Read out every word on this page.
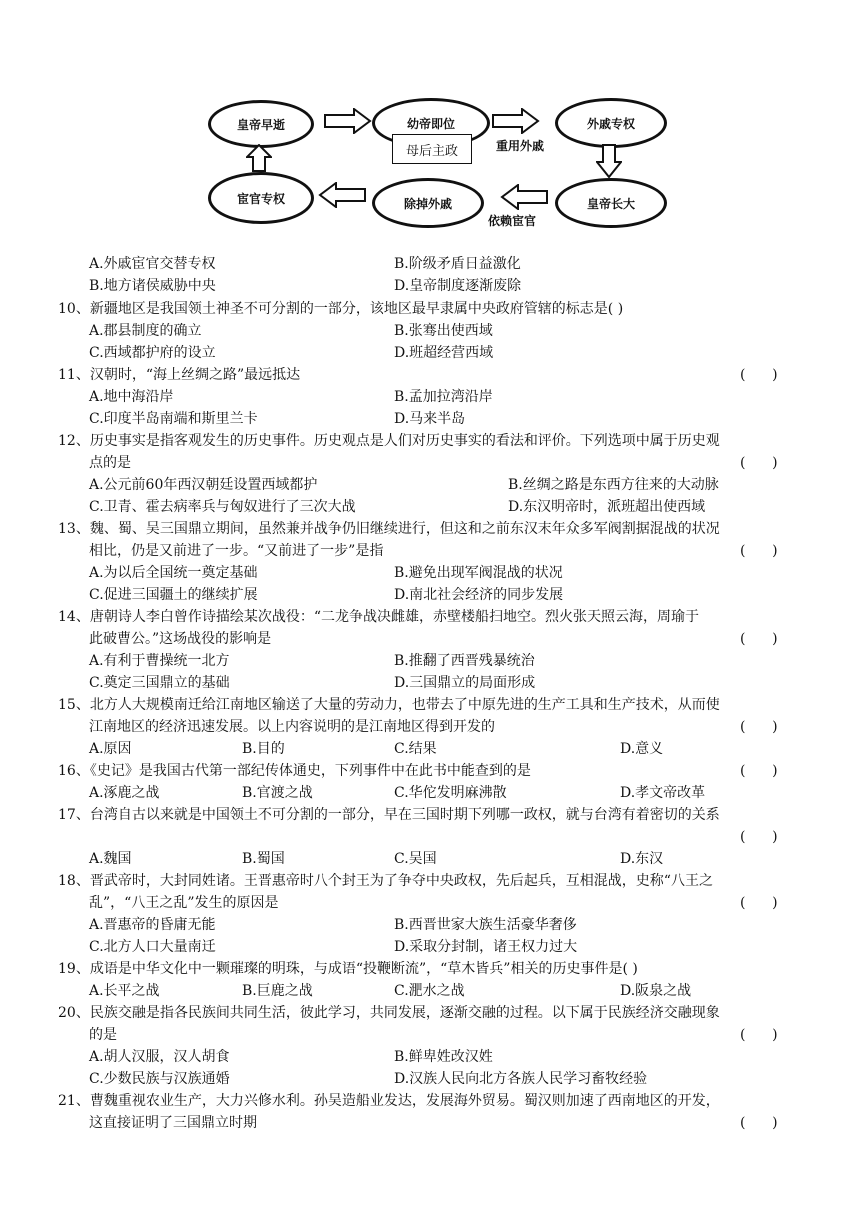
皇帝早逝	幼帝即位
母后主政
外戚专权
皇帝长大
除掉外戚
宦官专权
重用外戚
依赖宦官
A.外戚宦官交替专权	B.阶级矛盾日益激化
B.地方诸侯威胁中央	D.皇帝制度逐渐废除
10、新疆地区是我国领土神圣不可分割的一部分，该地区最早隶属中央政府管辖的标志是( )
A.郡县制度的确立	B.张骞出使西域
C.西域都护府的设立	D.班超经营西域
11、汉朝时，“海上丝绸之路”最远抵达	(      )
A.地中海沿岸	B.孟加拉湾沿岸
C.印度半岛南端和斯里兰卡	D.马来半岛
12、历史事实是指客观发生的历史事件。历史观点是人们对历史事实的看法和评价。下列选项中属于历史观
点的是	(      )
A.公元前60年西汉朝廷设置西域都护	B.丝绸之路是东西方往来的大动脉
C.卫青、霍去病率兵与匈奴进行了三次大战	D.东汉明帝时，派班超出使西域
13、魏、蜀、吴三国鼎立期间，虽然兼并战争仍旧继续进行，但这和之前东汉末年众多军阀割据混战的状况
相比，仍是又前进了一步。“又前进了一步”是指	(      )
A.为以后全国统一奠定基础	B.避免出现军阀混战的状况
C.促进三国疆土的继续扩展	D.南北社会经济的同步发展
14、唐朝诗人李白曾作诗描绘某次战役：“二龙争战决雌雄，赤壁楼船扫地空。烈火张天照云海，周瑜于
此破曹公。”这场战役的影响是	(      )
A.有利于曹操统一北方	B.推翻了西晋残暴统治
C.奠定三国鼎立的基础	D.三国鼎立的局面形成
15、北方人大规模南迁给江南地区输送了大量的劳动力，也带去了中原先进的生产工具和生产技术，从而使
江南地区的经济迅速发展。以上内容说明的是江南地区得到开发的	(      )
A.原因	B.目的	C.结果	D.意义
16、《史记》是我国古代第一部纪传体通史，下列事件中在此书中能查到的是	(      )
A.涿鹿之战	B.官渡之战	C.华佗发明麻沸散	D.孝文帝改革
17、台湾自古以来就是中国领土不可分割的一部分，早在三国时期下列哪一政权，就与台湾有着密切的关系
(      )
A.魏国	B.蜀国	C.吴国	D.东汉
18、晋武帝时，大封同姓诸。王晋惠帝时八个封王为了争夺中央政权，先后起兵，互相混战，史称“八王之
乱”，“八王之乱”发生的原因是	(      )
A.晋惠帝的昏庸无能	B.西晋世家大族生活豪华奢侈
C.北方人口大量南迁	D.采取分封制，诸王权力过大
19、成语是中华文化中一颗璀璨的明珠，与成语“投鞭断流”，“草木皆兵”相关的历史事件是( )
A.长平之战	B.巨鹿之战	C.淝水之战	D.阪泉之战
20、民族交融是指各民族间共同生活，彼此学习，共同发展，逐渐交融的过程。以下属于民族经济交融现象
的是	(      )
A.胡人汉服，汉人胡食	B.鲜卑姓改汉姓
C.少数民族与汉族通婚	D.汉族人民向北方各族人民学习畜牧经验
21、曹魏重视农业生产，大力兴修水利。孙吴造船业发达，发展海外贸易。蜀汉则加速了西南地区的开发，
这直接证明了三国鼎立时期	(      )
